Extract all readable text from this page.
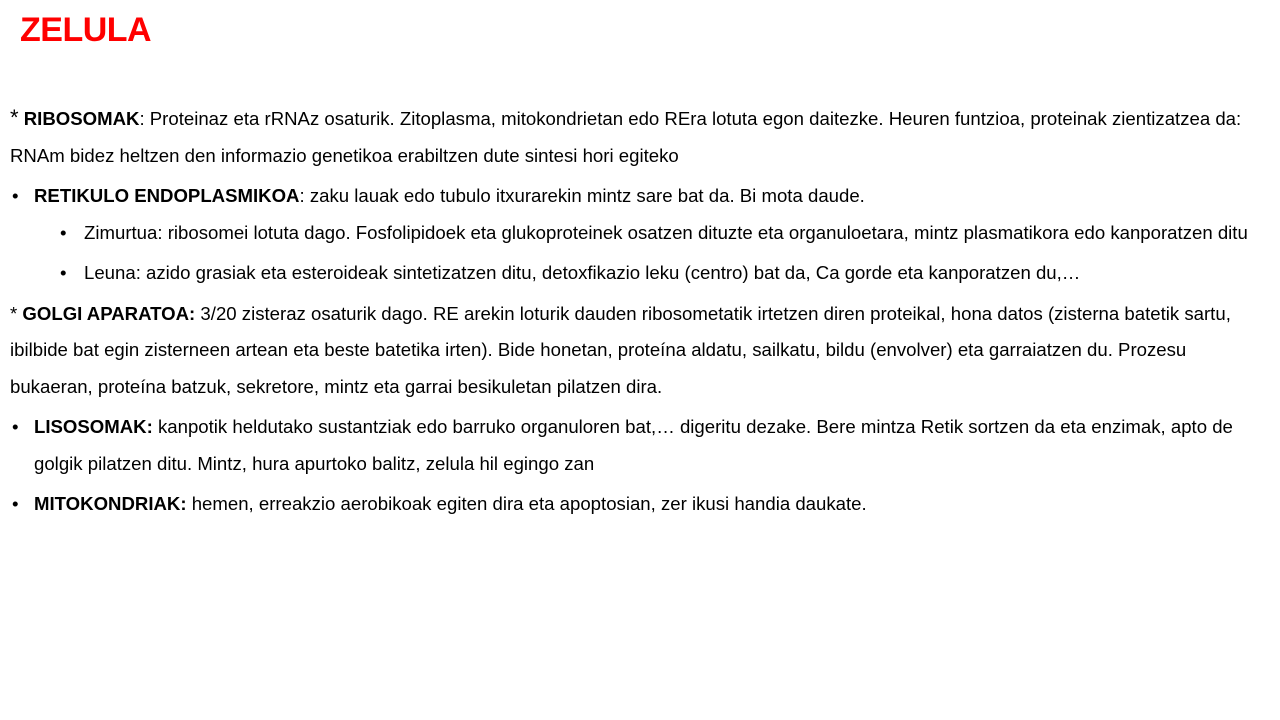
ZELULA

* RIBOSOMAK: Proteinaz eta rRNAz osaturik. Zitoplasma, mitokondrietan edo REra lotuta egon daitezke. Heuren funtzioa, proteinak zientizatzea da: RNAm bidez heltzen den informazio genetikoa erabiltzen dute sintesi hori egiteko

• RETIKULO ENDOPLASMIKOA: zaku lauak edo tubulo itxurarekin mintz sare bat da. Bi mota daude.

• Zimurtua: ribosomei lotuta dago. Fosfolipidoek eta glukoproteinek osatzen dituzte eta organuloetara, mintz plasmatikora edo kanporatzen ditu

• Leuna: azido grasiak eta esteroideak sintetizatzen ditu, detoxfikazio leku (centro) bat da, Ca gorde eta kanporatzen du,…

* GOLGI APARATOA: 3/20 zisteraz osaturik dago. RE arekin loturik dauden ribosometatik irtetzen diren proteikal, hona datos (zisterna batetik sartu, ibilbide bat egin zisterneen artean eta beste batetika irten). Bide honetan, proteína aldatu, sailkatu, bildu (envolver) eta garraiatzen du. Prozesu bukaeran, proteína batzuk, sekretore, mintz eta garrai besikuletan pilatzen dira.

• LISOSOMAK: kanpotik heldutako sustantziak edo barruko organuloren bat,… digeritu dezake. Bere mintza Retik sortzen da eta enzimak, apto de golgik pilatzen ditu. Mintz, hura apurtoko balitz, zelula hil egingo zan

• MITOKONDRIAK: hemen, erreakzio aerobikoak egiten dira eta apoptosian, zer ikusi handia daukate.
